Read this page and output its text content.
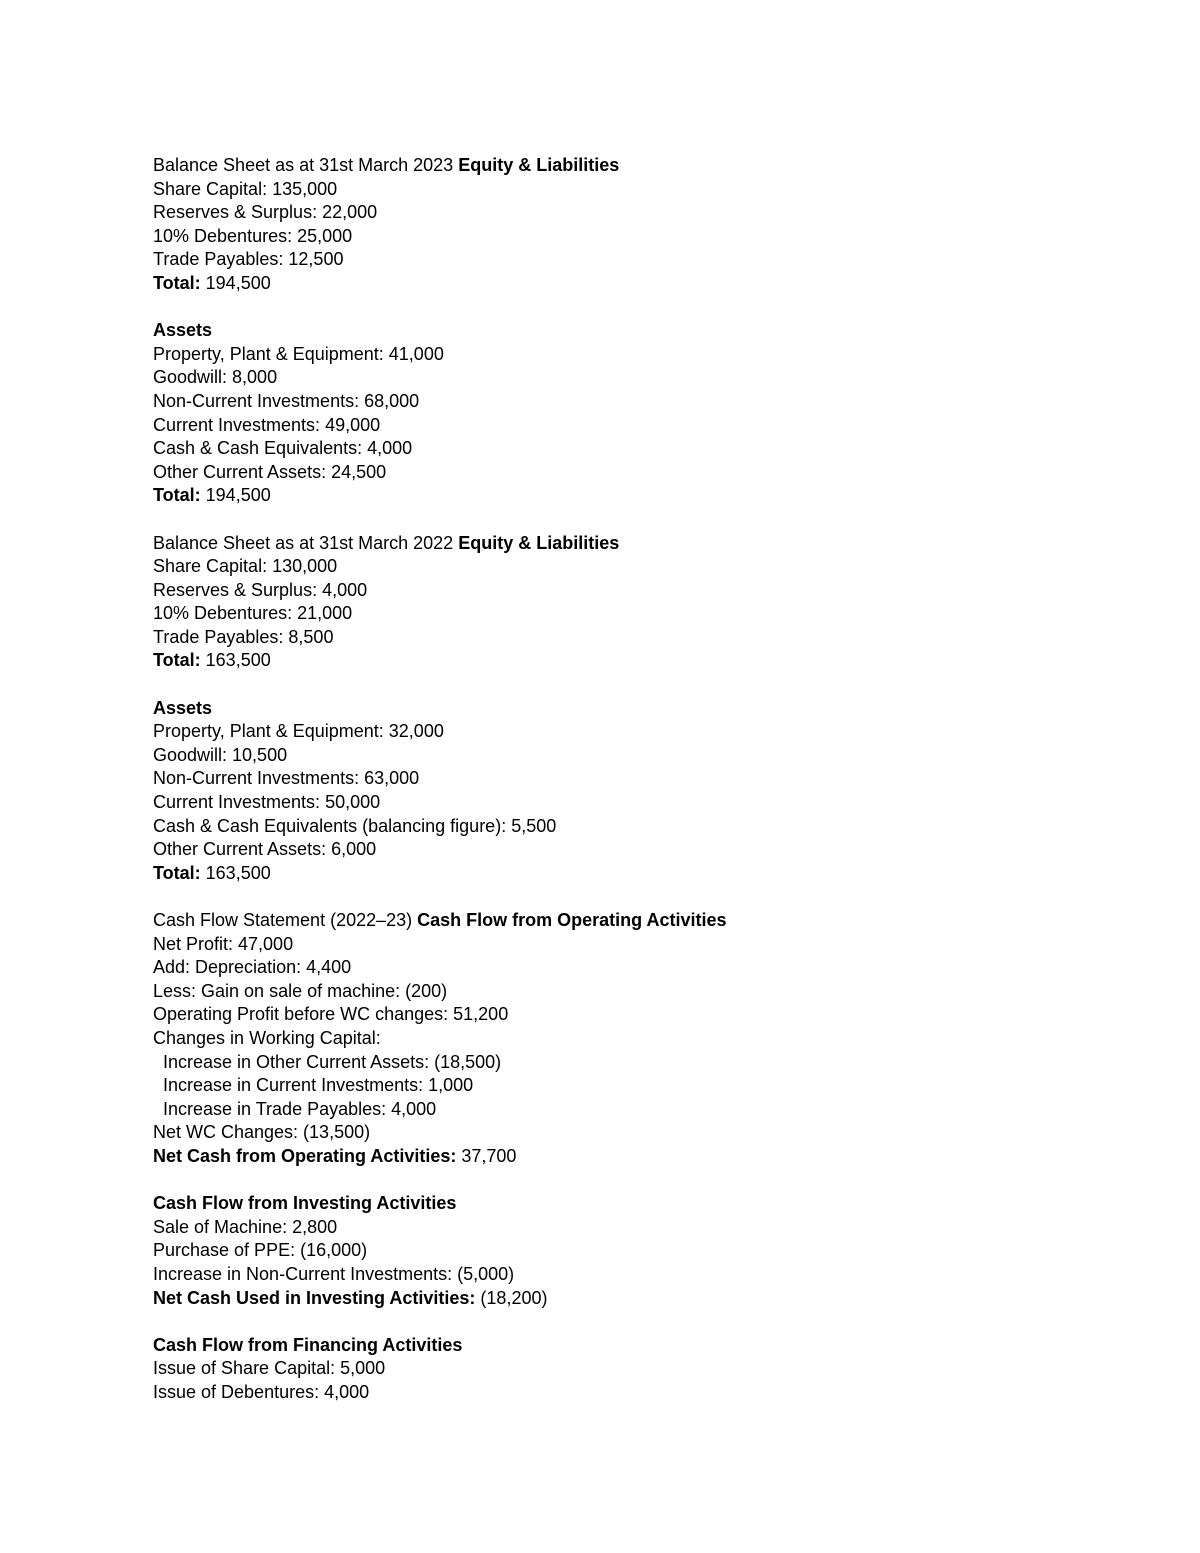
Balance Sheet as at 31st March 2023 Equity & Liabilities
Share Capital: 135,000
Reserves & Surplus: 22,000
10% Debentures: 25,000
Trade Payables: 12,500
Total: 194,500
Assets
Property, Plant & Equipment: 41,000
Goodwill: 8,000
Non-Current Investments: 68,000
Current Investments: 49,000
Cash & Cash Equivalents: 4,000
Other Current Assets: 24,500
Total: 194,500
Balance Sheet as at 31st March 2022 Equity & Liabilities
Share Capital: 130,000
Reserves & Surplus: 4,000
10% Debentures: 21,000
Trade Payables: 8,500
Total: 163,500
Assets
Property, Plant & Equipment: 32,000
Goodwill: 10,500
Non-Current Investments: 63,000
Current Investments: 50,000
Cash & Cash Equivalents (balancing figure): 5,500
Other Current Assets: 6,000
Total: 163,500
Cash Flow Statement (2022–23) Cash Flow from Operating Activities
Net Profit: 47,000
Add: Depreciation: 4,400
Less: Gain on sale of machine: (200)
Operating Profit before WC changes: 51,200
Changes in Working Capital:
Increase in Other Current Assets: (18,500)
Increase in Current Investments: 1,000
Increase in Trade Payables: 4,000
Net WC Changes: (13,500)
Net Cash from Operating Activities: 37,700
Cash Flow from Investing Activities
Sale of Machine: 2,800
Purchase of PPE: (16,000)
Increase in Non-Current Investments: (5,000)
Net Cash Used in Investing Activities: (18,200)
Cash Flow from Financing Activities
Issue of Share Capital: 5,000
Issue of Debentures: 4,000
